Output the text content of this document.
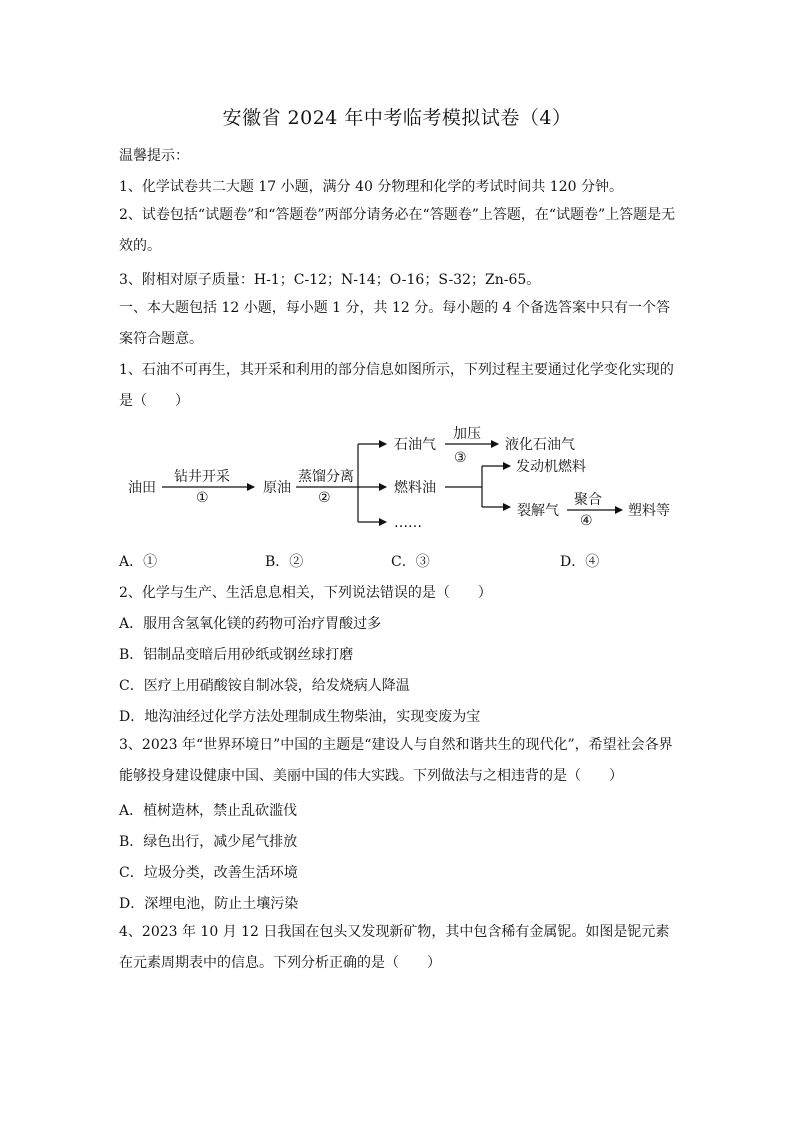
安徽省 2024 年中考临考模拟试卷（4）
温馨提示：
1、化学试卷共二大题 17 小题，满分 40 分物理和化学的考试时间共 120 分钟。
2、试卷包括“试题卷”和“答题卷”两部分请务必在“答题卷”上答题，在“试题卷”上答题是无效的。
3、附相对原子质量：H-1；C-12；N-14；O-16；S-32；Zn-65。
一、本大题包括 12 小题，每小题 1 分，共 12 分。每小题的 4 个备选答案中只有一个答案符合题意。
1、石油不可再生，其开采和利用的部分信息如图所示，下列过程主要通过化学变化实现的是（　　）
油田
钻井开采
①
原油
蒸馏分离
②
石油气
加压
③
液化石油气
燃料油
发动机燃料
裂解气
聚合
④
塑料等
……
A．①	B．②	C．③	D．④
2、化学与生产、生活息息相关，下列说法错误的是（　　）
A．服用含氢氧化镁的药物可治疗胃酸过多
B．铝制品变暗后用砂纸或钢丝球打磨
C．医疗上用硝酸铵自制冰袋，给发烧病人降温
D．地沟油经过化学方法处理制成生物柴油，实现变废为宝
3、2023 年“世界环境日”中国的主题是“建设人与自然和谐共生的现代化”，希望社会各界能够投身建设健康中国、美丽中国的伟大实践。下列做法与之相违背的是（　　）
A．植树造林，禁止乱砍滥伐
B．绿色出行，减少尾气排放
C．垃圾分类，改善生活环境
D．深埋电池，防止土壤污染
4、2023 年 10 月 12 日我国在包头又发现新矿物，其中包含稀有金属铌。如图是铌元素在元素周期表中的信息。下列分析正确的是（　　）
